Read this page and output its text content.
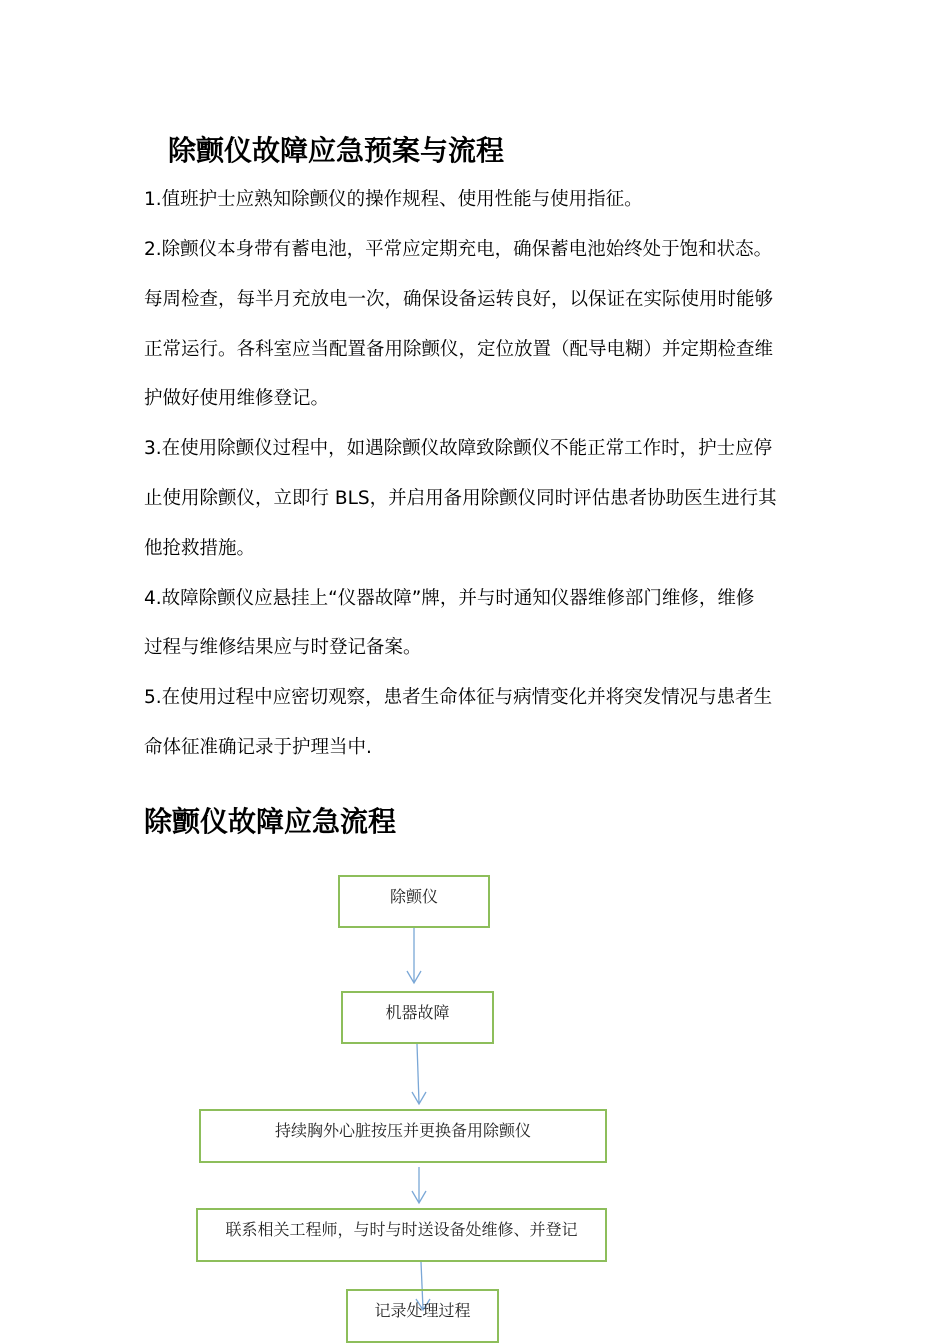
除颤仪故障应急预案与流程

1.值班护士应熟知除颤仪的操作规程、使用性能与使用指征。

2.除颤仪本身带有蓄电池，平常应定期充电，确保蓄电池始终处于饱和状态。

每周检查，每半月充放电一次，确保设备运转良好，以保证在实际使用时能够

正常运行。各科室应当配置备用除颤仪，定位放置（配导电糊）并定期检查维

护做好使用维修登记。

3.在使用除颤仪过程中，如遇除颤仪故障致除颤仪不能正常工作时，护士应停

止使用除颤仪，立即行 BLS，并启用备用除颤仪同时评估患者协助医生进行其

他抢救措施。

4.故障除颤仪应悬挂上“仪器故障”牌，并与时通知仪器维修部门维修，维修

过程与维修结果应与时登记备案。

5.在使用过程中应密切观察，患者生命体征与病情变化并将突发情况与患者生

命体征准确记录于护理当中.

除颤仪故障应急流程
除颤仪
机器故障
持续胸外心脏按压并更换备用除颤仪
联系相关工程师，与时与时送设备处维修、并登记
记录处理过程
